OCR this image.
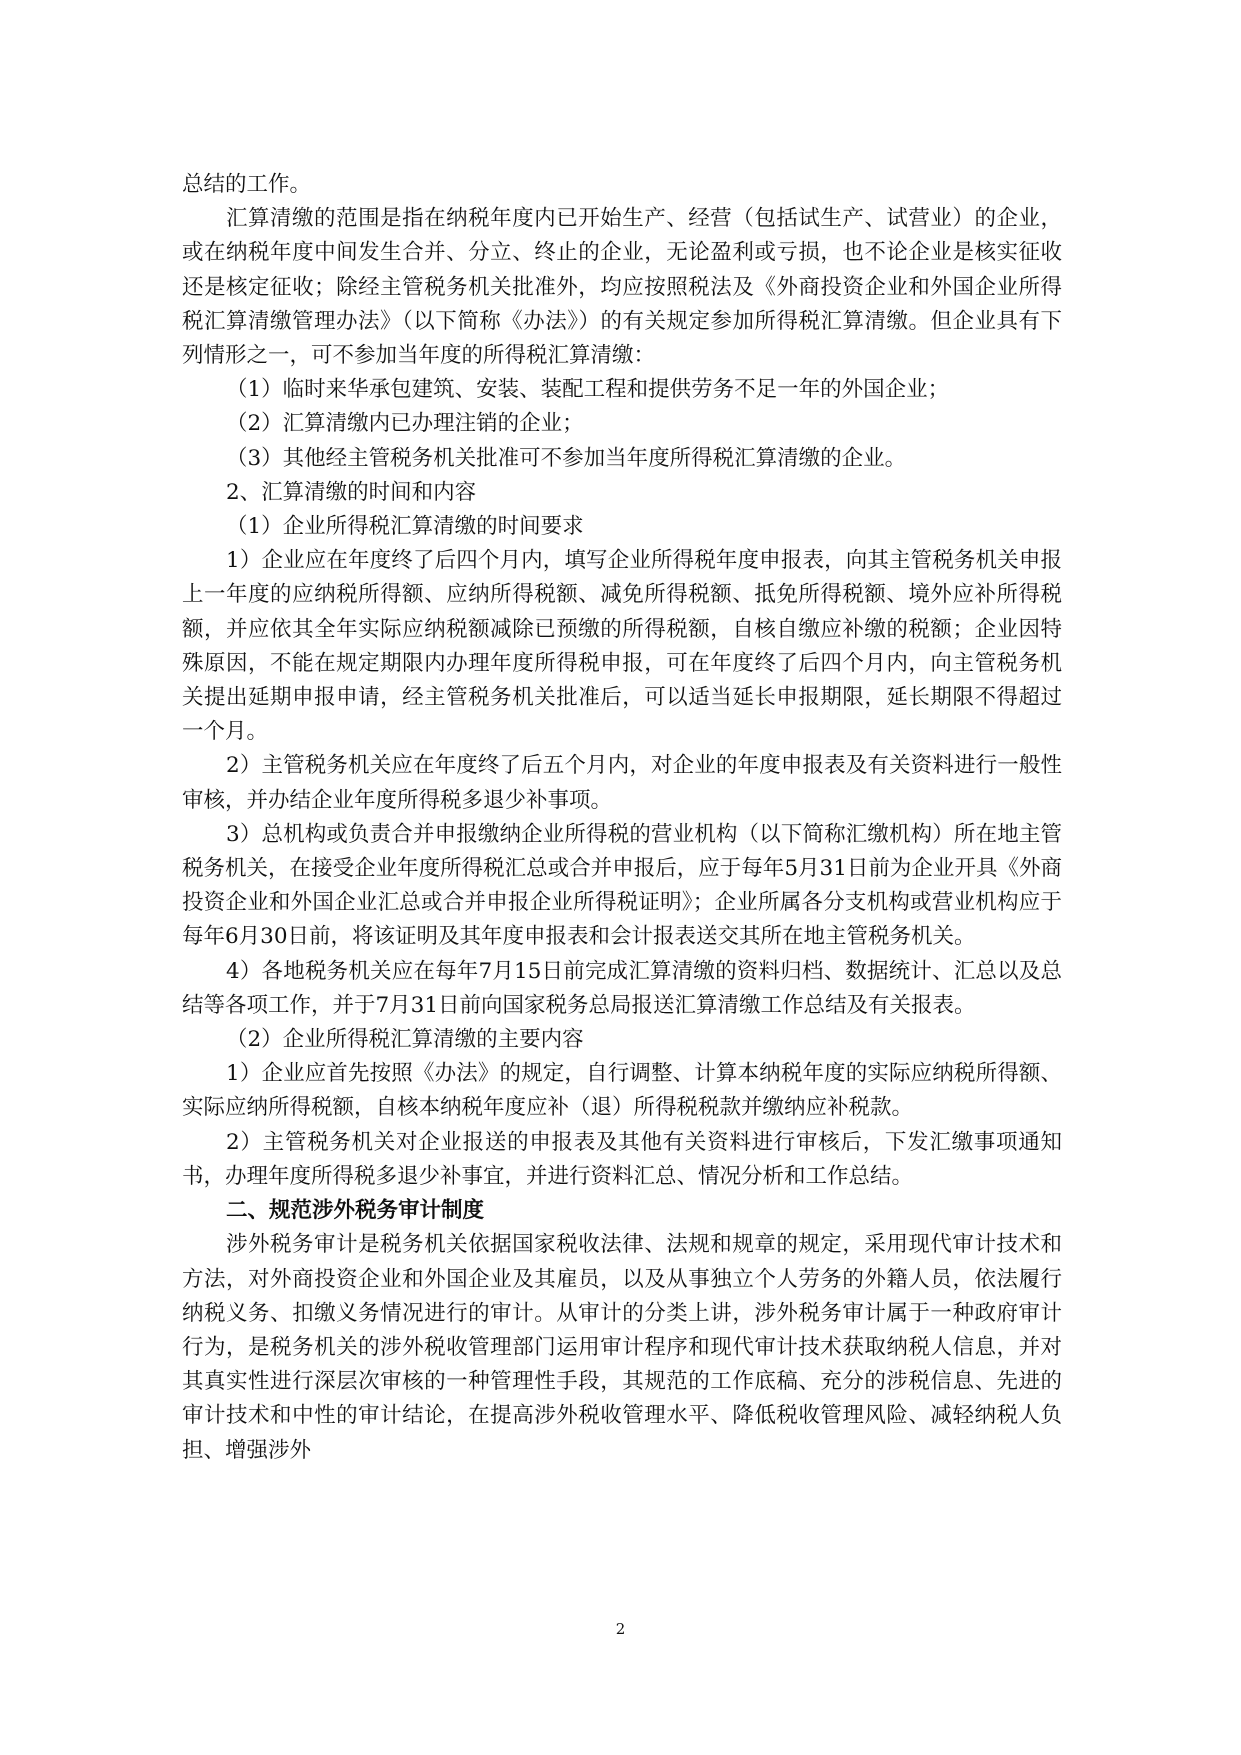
总结的工作。

汇算清缴的范围是指在纳税年度内已开始生产、经营（包括试生产、试营业）的企业，或在纳税年度中间发生合并、分立、终止的企业，无论盈利或亏损，也不论企业是核实征收还是核定征收；除经主管税务机关批准外，均应按照税法及《外商投资企业和外国企业所得税汇算清缴管理办法》（以下简称《办法》）的有关规定参加所得税汇算清缴。但企业具有下列情形之一，可不参加当年度的所得税汇算清缴：

（1）临时来华承包建筑、安装、装配工程和提供劳务不足一年的外国企业；

（2）汇算清缴内已办理注销的企业；

（3）其他经主管税务机关批准可不参加当年度所得税汇算清缴的企业。

2、汇算清缴的时间和内容

（1）企业所得税汇算清缴的时间要求

1）企业应在年度终了后四个月内，填写企业所得税年度申报表，向其主管税务机关申报上一年度的应纳税所得额、应纳所得税额、减免所得税额、抵免所得税额、境外应补所得税额，并应依其全年实际应纳税额减除已预缴的所得税额，自核自缴应补缴的税额；企业因特殊原因，不能在规定期限内办理年度所得税申报，可在年度终了后四个月内，向主管税务机关提出延期申报申请，经主管税务机关批准后，可以适当延长申报期限，延长期限不得超过一个月。

2）主管税务机关应在年度终了后五个月内，对企业的年度申报表及有关资料进行一般性审核，并办结企业年度所得税多退少补事项。

3）总机构或负责合并申报缴纳企业所得税的营业机构（以下简称汇缴机构）所在地主管税务机关，在接受企业年度所得税汇总或合并申报后，应于每年5月31日前为企业开具《外商投资企业和外国企业汇总或合并申报企业所得税证明》；企业所属各分支机构或营业机构应于每年6月30日前，将该证明及其年度申报表和会计报表送交其所在地主管税务机关。

4）各地税务机关应在每年7月15日前完成汇算清缴的资料归档、数据统计、汇总以及总结等各项工作，并于7月31日前向国家税务总局报送汇算清缴工作总结及有关报表。

（2）企业所得税汇算清缴的主要内容

1）企业应首先按照《办法》的规定，自行调整、计算本纳税年度的实际应纳税所得额、实际应纳所得税额，自核本纳税年度应补（退）所得税税款并缴纳应补税款。

2）主管税务机关对企业报送的申报表及其他有关资料进行审核后，下发汇缴事项通知书，办理年度所得税多退少补事宜，并进行资料汇总、情况分析和工作总结。

二、规范涉外税务审计制度

涉外税务审计是税务机关依据国家税收法律、法规和规章的规定，采用现代审计技术和方法，对外商投资企业和外国企业及其雇员，以及从事独立个人劳务的外籍人员，依法履行纳税义务、扣缴义务情况进行的审计。从审计的分类上讲，涉外税务审计属于一种政府审计行为，是税务机关的涉外税收管理部门运用审计程序和现代审计技术获取纳税人信息，并对其真实性进行深层次审核的一种管理性手段，其规范的工作底稿、充分的涉税信息、先进的审计技术和中性的审计结论，在提高涉外税收管理水平、降低税收管理风险、减轻纳税人负担、增强涉外

2
